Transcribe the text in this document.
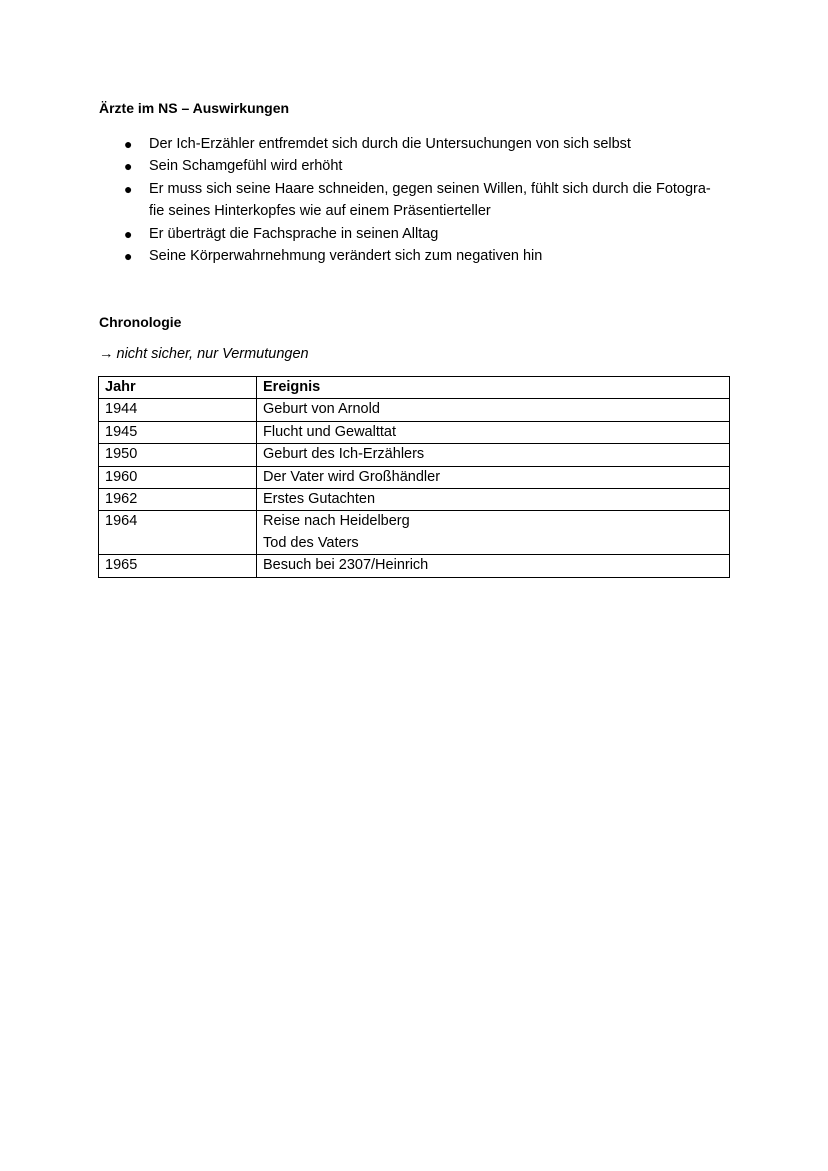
Ärzte im NS – Auswirkungen
● Der Ich-Erzähler entfremdet sich durch die Untersuchungen von sich selbst
● Sein Schamgefühl wird erhöht
● Er muss sich seine Haare schneiden, gegen seinen Willen, fühlt sich durch die Fotogra-
fie seines Hinterkopfes wie auf einem Präsentierteller
● Er überträgt die Fachsprache in seinen Alltag
● Seine Körperwahrnehmung verändert sich zum negativen hin
Chronologie
→ nicht sicher, nur Vermutungen
Jahr	Ereignis
1944	Geburt von Arnold
1945	Flucht und Gewalttat
1950	Geburt des Ich-Erzählers
1960	Der Vater wird Großhändler
1962	Erstes Gutachten
1964	Reise nach Heidelberg
Tod des Vaters

1965	Besuch bei 2307/Heinrich
